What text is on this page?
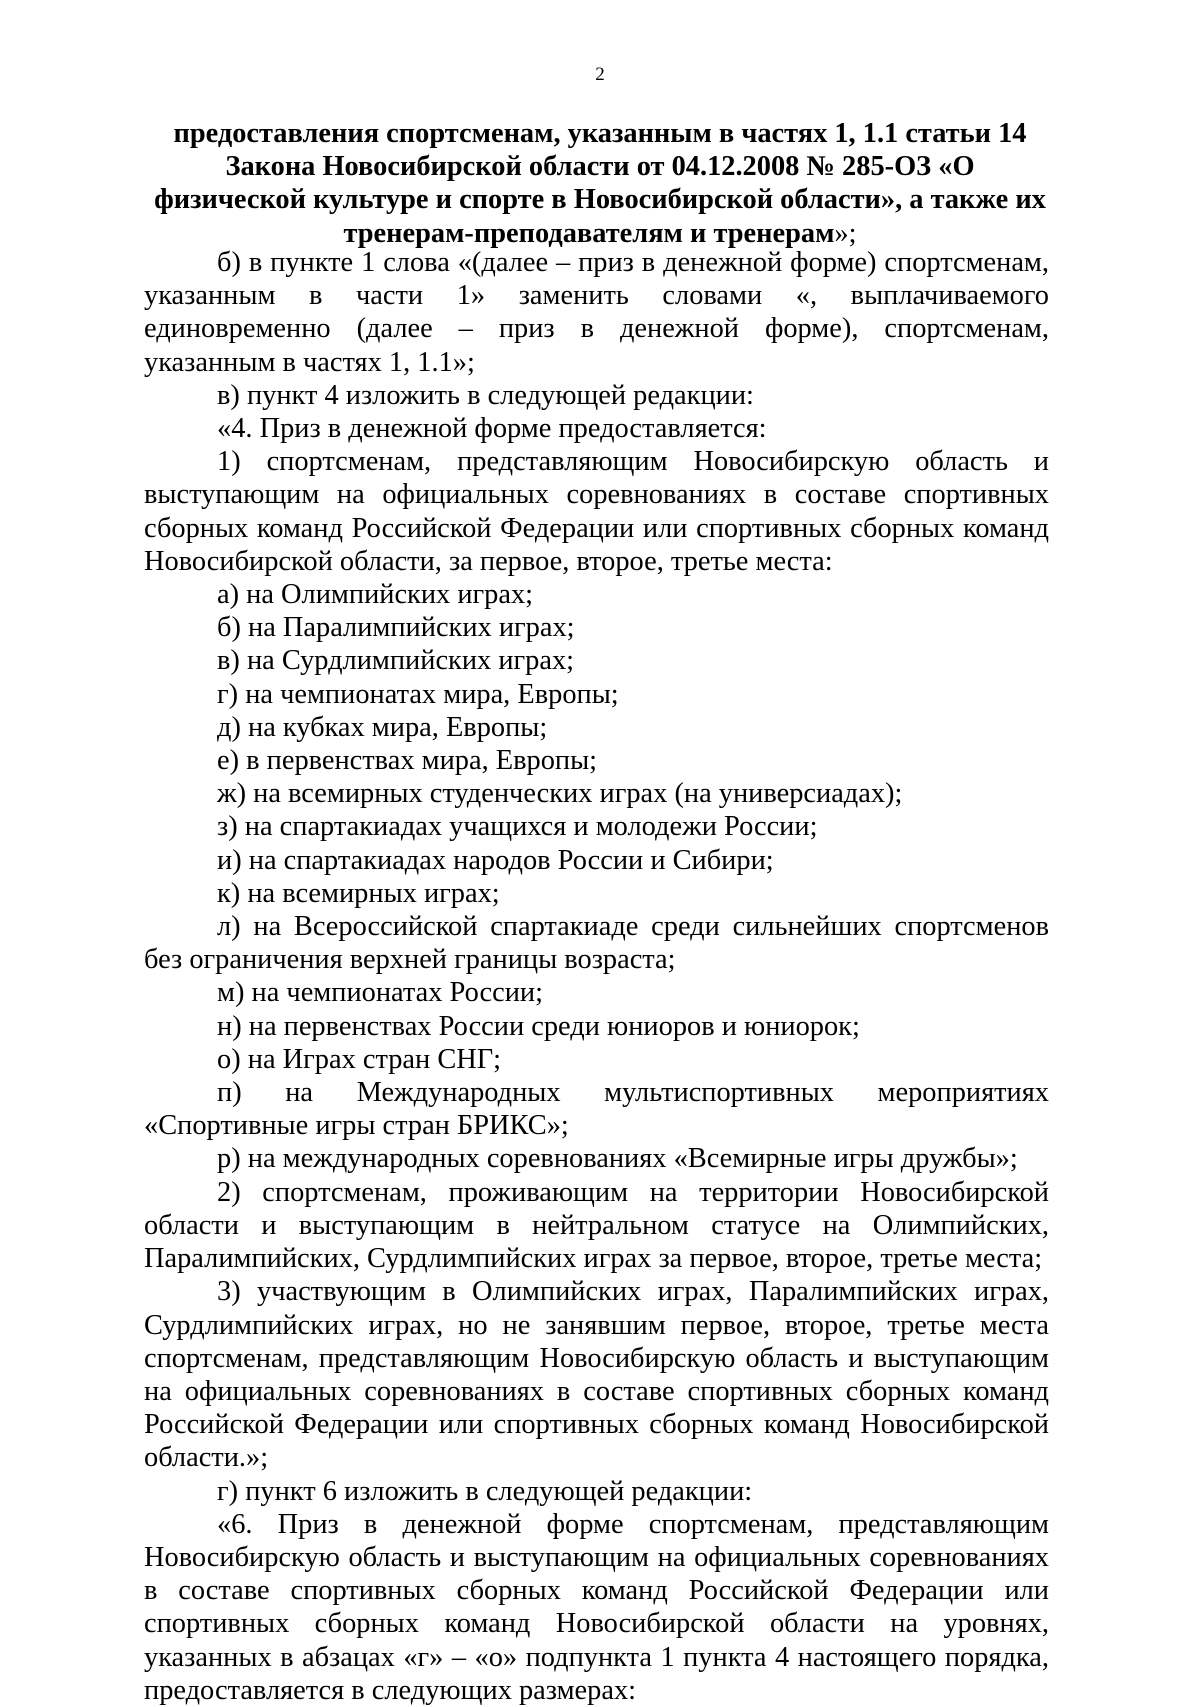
2
предоставления спортсменам, указанным в частях 1, 1.1 статьи 14 Закона Новосибирской области от 04.12.2008 № 285-ОЗ «О физической культуре и спорте в Новосибирской области», а также их тренерам-преподавателям и тренерам»;

б) в пункте 1 слова «(далее – приз в денежной форме) спортсменам, указанным в части 1» заменить словами «, выплачиваемого единовременно (далее – приз в денежной форме), спортсменам, указанным в частях 1, 1.1»;

в) пункт 4 изложить в следующей редакции:

«4. Приз в денежной форме предоставляется:

1) спортсменам, представляющим Новосибирскую область и выступающим на официальных соревнованиях в составе спортивных сборных команд Российской Федерации или спортивных сборных команд Новосибирской области, за первое, второе, третье места:

а) на Олимпийских играх;

б) на Паралимпийских играх;

в) на Сурдлимпийских играх;

г) на чемпионатах мира, Европы;

д) на кубках мира, Европы;

е) в первенствах мира, Европы;

ж) на всемирных студенческих играх (на универсиадах);

з) на спартакиадах учащихся и молодежи России;

и) на спартакиадах народов России и Сибири;

к) на всемирных играх;

л) на Всероссийской спартакиаде среди сильнейших спортсменов без ограничения верхней границы возраста;

м) на чемпионатах России;

н) на первенствах России среди юниоров и юниорок;

о) на Играх стран СНГ;

п) на Международных мультиспортивных мероприятиях «Спортивные игры стран БРИКС»;

р) на международных соревнованиях «Всемирные игры дружбы»;

2) спортсменам, проживающим на территории Новосибирской области и выступающим в нейтральном статусе на Олимпийских, Паралимпийских, Сурдлимпийских играх за первое, второе, третье места;

3) участвующим в Олимпийских играх, Паралимпийских играх, Сурдлимпийских играх, но не занявшим первое, второе, третье места спортсменам, представляющим Новосибирскую область и выступающим на официальных соревнованиях в составе спортивных сборных команд Российской Федерации или спортивных сборных команд Новосибирской области.»;

г) пункт 6 изложить в следующей редакции:

«6. Приз в денежной форме спортсменам, представляющим Новосибирскую область и выступающим на официальных соревнованиях в составе спортивных сборных команд Российской Федерации или спортивных сборных команд Новосибирской области на уровнях, указанных в абзацах «г» – «о» подпункта 1 пункта 4 настоящего порядка, предоставляется в следующих размерах:
